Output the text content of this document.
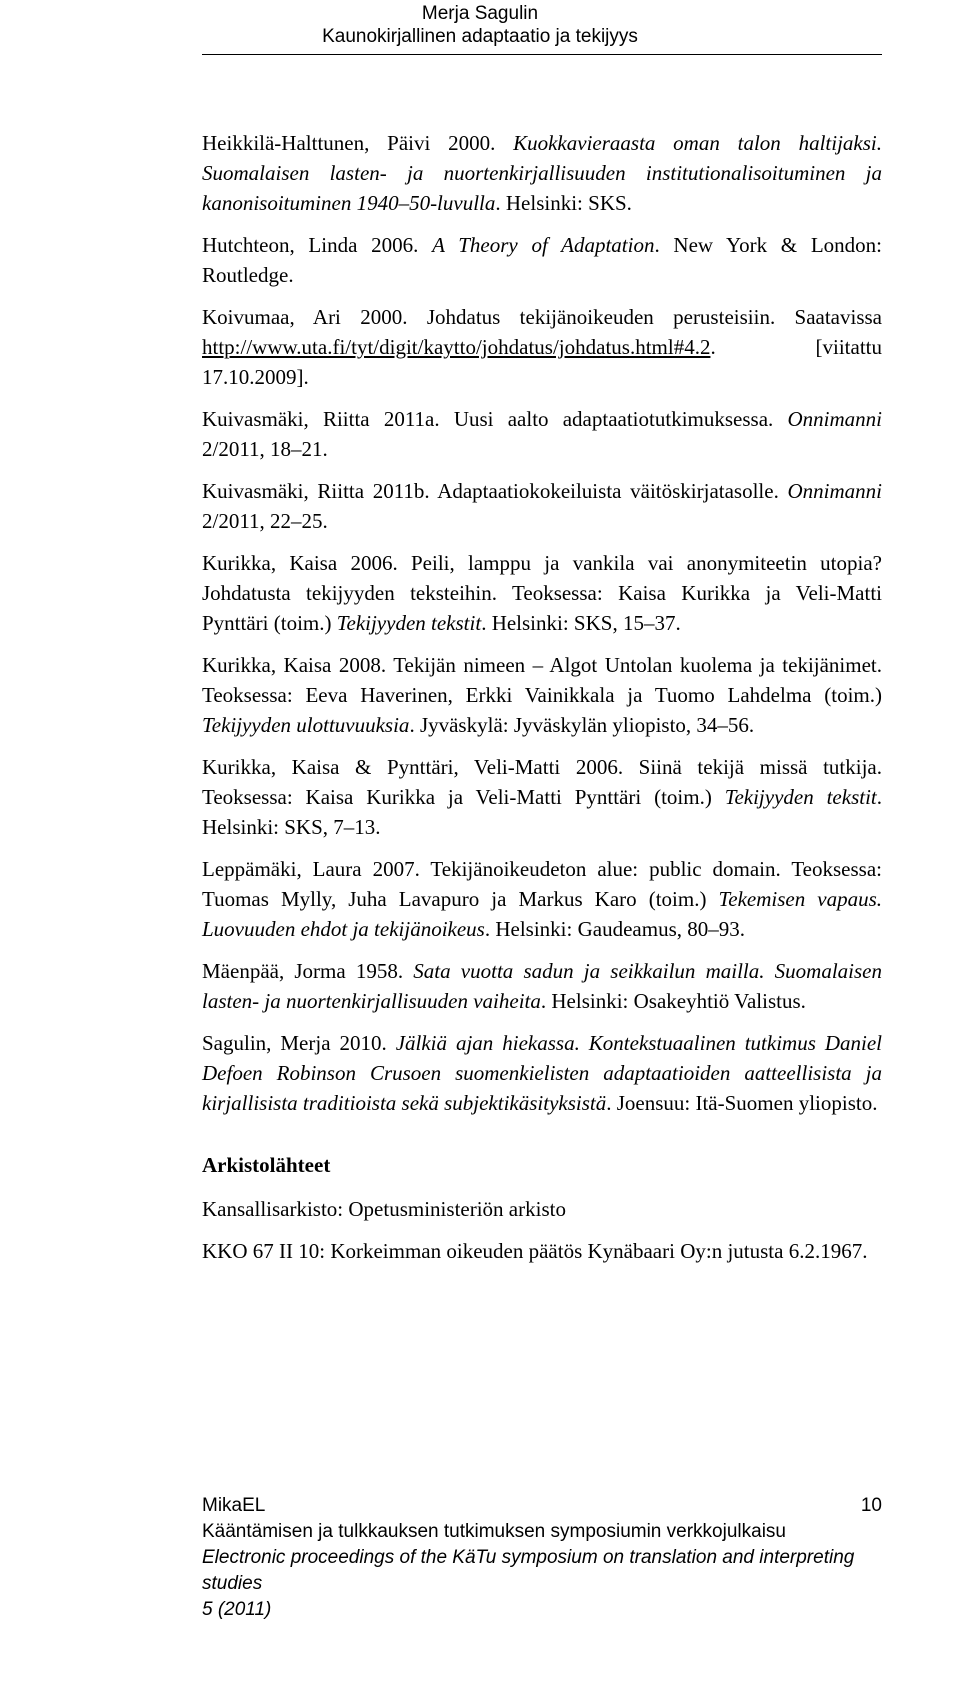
Merja Sagulin
Kaunokirjallinen adaptaatio ja tekijyys

Heikkilä-Halttunen, Päivi 2000. Kuokkavieraasta oman talon haltijaksi. Suomalaisen lasten- ja nuortenkirjallisuuden institutionalisoituminen ja kanonisoituminen 1940–50-luvulla. Helsinki: SKS.

Hutchteon, Linda 2006. A Theory of Adaptation. New York & London: Routledge.

Koivumaa, Ari 2000. Johdatus tekijänoikeuden perusteisiin. Saatavissa http://www.uta.fi/tyt/digit/kaytto/johdatus/johdatus.html#4.2. [viitattu 17.10.2009].

Kuivasmäki, Riitta 2011a. Uusi aalto adaptaatiotutkimuksessa. Onnimanni 2/2011, 18–21.

Kuivasmäki, Riitta 2011b. Adaptaatiokokeiluista väitöskirjatasolle. Onnimanni 2/2011, 22–25.

Kurikka, Kaisa 2006. Peili, lamppu ja vankila vai anonymiteetin utopia? Johdatusta tekijyyden teksteihin. Teoksessa: Kaisa Kurikka ja Veli-Matti Pynttäri (toim.) Tekijyyden tekstit. Helsinki: SKS, 15–37.

Kurikka, Kaisa 2008. Tekijän nimeen – Algot Untolan kuolema ja tekijänimet. Teoksessa: Eeva Haverinen, Erkki Vainikkala ja Tuomo Lahdelma (toim.) Tekijyyden ulottuvuuksia. Jyväskylä: Jyväskylän yliopisto, 34–56.

Kurikka, Kaisa & Pynttäri, Veli-Matti 2006. Siinä tekijä missä tutkija. Teoksessa: Kaisa Kurikka ja Veli-Matti Pynttäri (toim.) Tekijyyden tekstit. Helsinki: SKS, 7–13.

Leppämäki, Laura 2007. Tekijänoikeudeton alue: public domain. Teoksessa: Tuomas Mylly, Juha Lavapuro ja Markus Karo (toim.) Tekemisen vapaus. Luovuuden ehdot ja tekijänoikeus. Helsinki: Gaudeamus, 80–93.

Mäenpää, Jorma 1958. Sata vuotta sadun ja seikkailun mailla. Suomalaisen lasten- ja nuortenkirjallisuuden vaiheita. Helsinki: Osakeyhtiö Valistus.

Sagulin, Merja 2010. Jälkiä ajan hiekassa. Kontekstuaalinen tutkimus Daniel Defoen Robinson Crusoen suomenkielisten adaptaatioiden aatteellisista ja kirjallisista traditioista sekä subjektikäsityksistä. Joensuu: Itä-Suomen yliopisto.

Arkistolähteet

Kansallisarkisto: Opetusministeriön arkisto

KKO 67 II 10: Korkeimman oikeuden päätös Kynäbaari Oy:n jutusta 6.2.1967.

MikaEL
Kääntämisen ja tulkkauksen tutkimuksen symposiumin verkkojulkaisu
Electronic proceedings of the KäTu symposium on translation and interpreting studies
5 (2011)
10
